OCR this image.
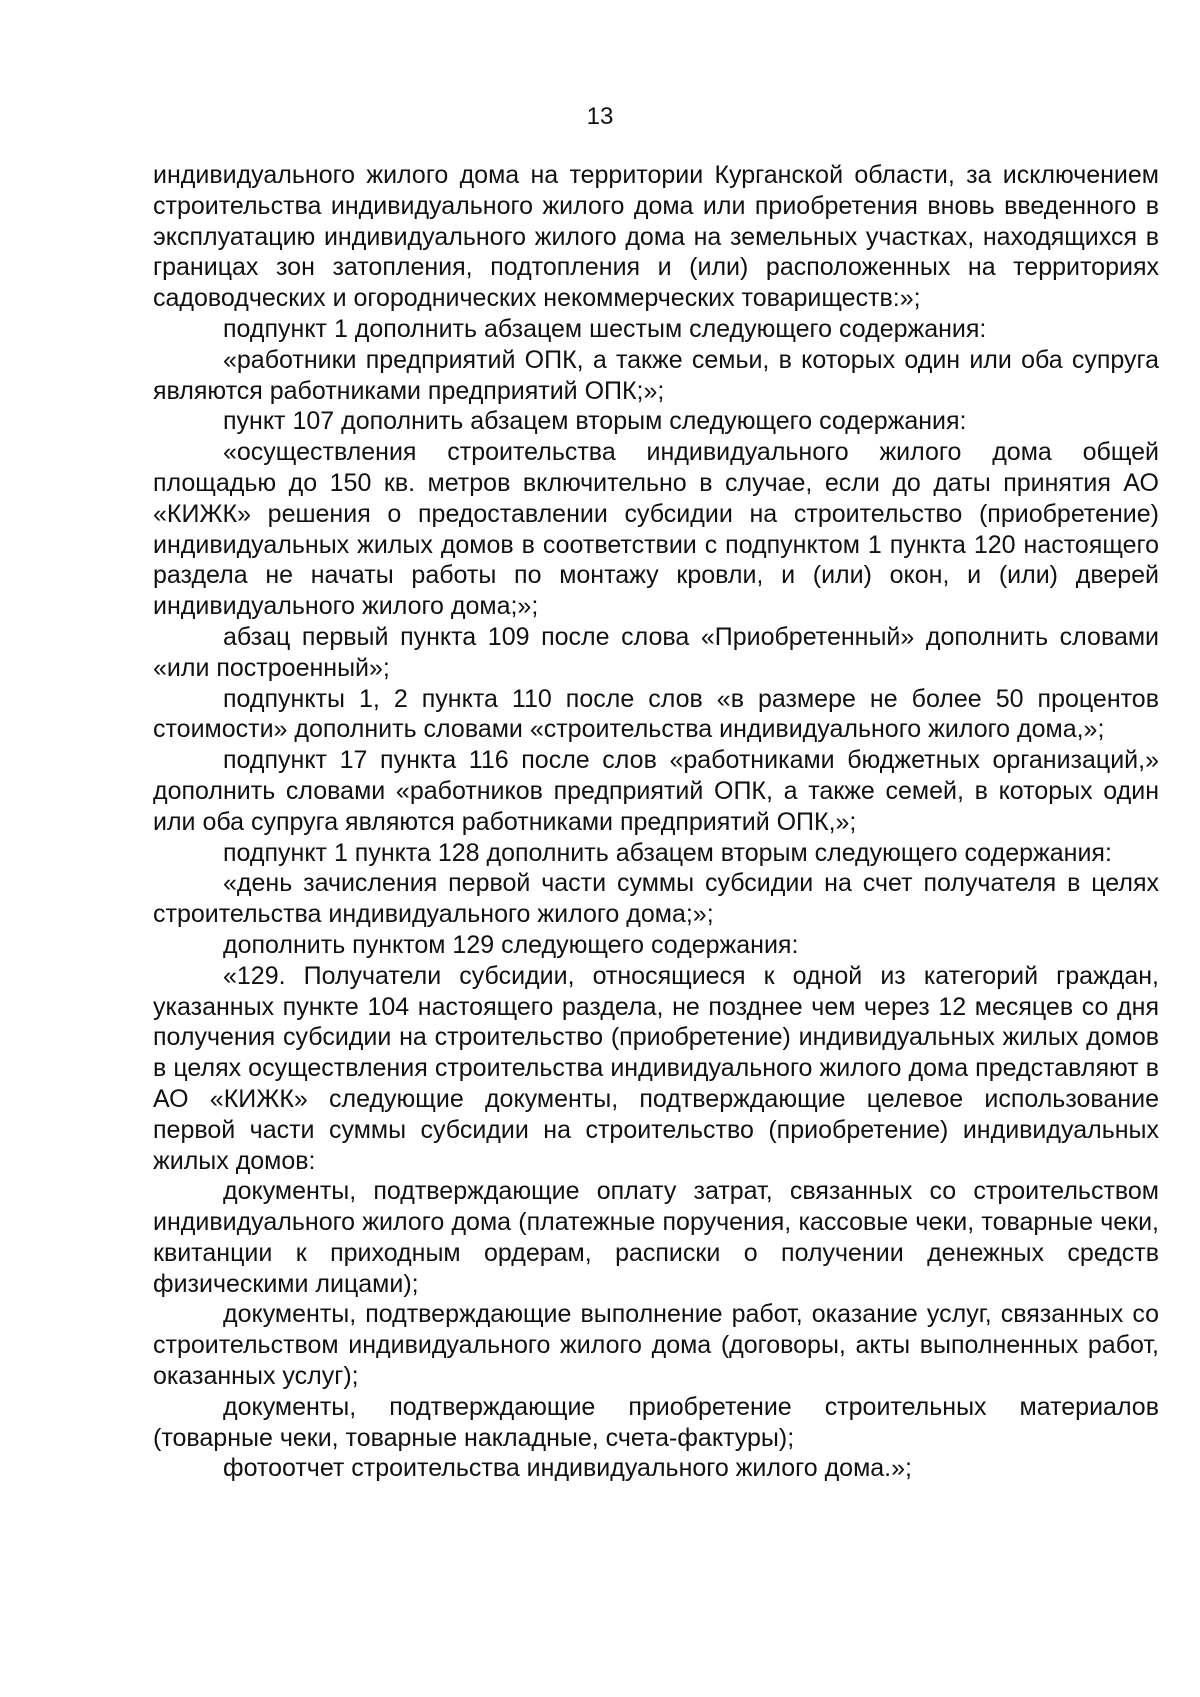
13

индивидуального жилого дома на территории Курганской области, за исключением строительства индивидуального жилого дома или приобретения вновь введенного в эксплуатацию индивидуального жилого дома на земельных участках, находящихся в границах зон затопления, подтопления и (или) расположенных на территориях садоводческих и огороднических некоммерческих товариществ:»;

подпункт 1 дополнить абзацем шестым следующего содержания:

«работники предприятий ОПК, а также семьи, в которых один или оба супруга являются работниками предприятий ОПК;»;

пункт 107 дополнить абзацем вторым следующего содержания:

«осуществления строительства индивидуального жилого дома общей площадью до 150 кв. метров включительно в случае, если до даты принятия АО «КИЖК» решения о предоставлении субсидии на строительство (приобретение) индивидуальных жилых домов в соответствии с подпунктом 1 пункта 120 настоящего раздела не начаты работы по монтажу кровли, и (или) окон, и (или) дверей индивидуального жилого дома;»;

абзац первый пункта 109 после слова «Приобретенный» дополнить словами «или построенный»;

подпункты 1, 2 пункта 110 после слов «в размере не более 50 процентов стоимости» дополнить словами «строительства индивидуального жилого дома,»;

подпункт 17 пункта 116 после слов «работниками бюджетных организаций,» дополнить словами «работников предприятий ОПК, а также семей, в которых один или оба супруга являются работниками предприятий ОПК,»;

подпункт 1 пункта 128 дополнить абзацем вторым следующего содержания:

«день зачисления первой части суммы субсидии на счет получателя в целях строительства индивидуального жилого дома;»;

дополнить пунктом 129 следующего содержания:

«129. Получатели субсидии, относящиеся к одной из категорий граждан, указанных пункте 104 настоящего раздела, не позднее чем через 12 месяцев со дня получения субсидии на строительство (приобретение) индивидуальных жилых домов в целях осуществления строительства индивидуального жилого дома представляют в АО «КИЖК» следующие документы, подтверждающие целевое использование первой части суммы субсидии на строительство (приобретение) индивидуальных жилых домов:

документы, подтверждающие оплату затрат, связанных со строительством индивидуального жилого дома (платежные поручения, кассовые чеки, товарные чеки, квитанции к приходным ордерам, расписки о получении денежных средств физическими лицами);

документы, подтверждающие выполнение работ, оказание услуг, связанных со строительством индивидуального жилого дома (договоры, акты выполненных работ, оказанных услуг);

документы, подтверждающие приобретение строительных материалов (товарные чеки, товарные накладные, счета-фактуры);

фотоотчет строительства индивидуального жилого дома.»;
